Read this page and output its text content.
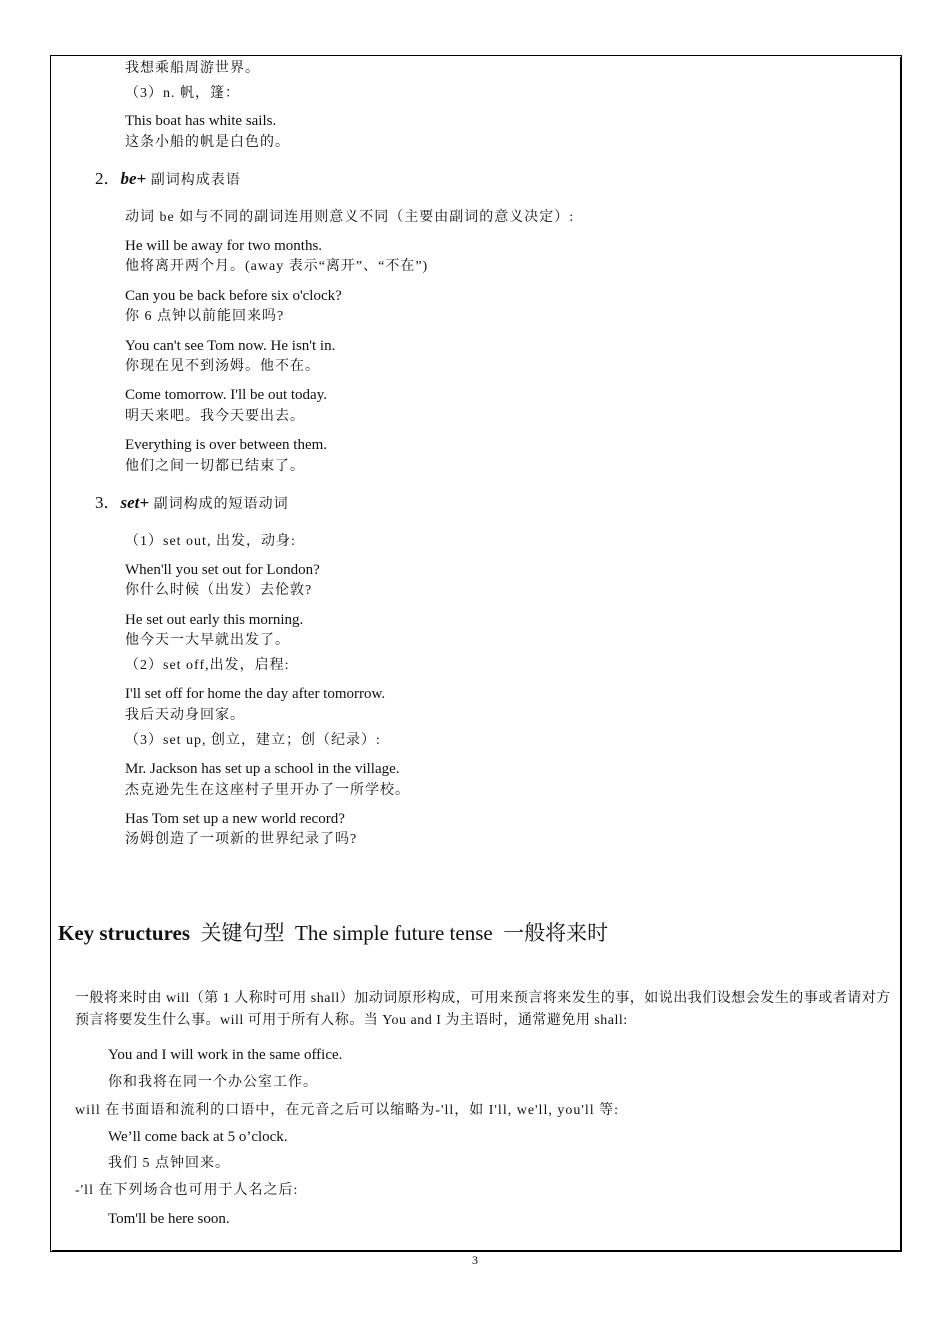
我想乘船周游世界。
（3）n. 帆，篷：
This boat has white sails.
这条小船的帆是白色的。
2．be+ 副词构成表语
动词 be 如与不同的副词连用则意义不同（主要由副词的意义决定）:
He will be away for two months.
他将离开两个月。(away 表示“离开”、“不在”)
Can you be back before six o'clock?
你 6 点钟以前能回来吗?
You can't see Tom now. He isn't in.
你现在见不到汤姆。他不在。
Come tomorrow. I'll be out today.
明天来吧。我今天要出去。
Everything is over between them.
他们之间一切都已结束了。
3．set+ 副词构成的短语动词
（1）set out, 出发，动身:
When'll you set out for London?
你什么时候（出发）去伦敦?
He set out early this morning.
他今天一大早就出发了。
（2）set off,出发，启程:
I'll set off for home the day after tomorrow.
我后天动身回家。
（3）set up, 创立，建立；创（纪录）:
Mr. Jackson has set up a school in the village.
杰克逊先生在这座村子里开办了一所学校。
Has Tom set up a new world record?
汤姆创造了一项新的世界纪录了吗?
Key structures 关键句型 The simple future tense 一般将来时
一般将来时由 will（第 1 人称时可用 shall）加动词原形构成，可用来预言将来发生的事，如说出我们设想会发生的事或者请对方预言将要发生什么事。will 可用于所有人称。当 You and I 为主语时，通常避免用 shall:
You and I will work in the same office.
你和我将在同一个办公室工作。
will 在书面语和流利的口语中，在元音之后可以缩略为-'ll，如 I'll, we'll, you'll 等:
We’ll come back at 5 o’clock.
我们 5 点钟回来。
-'ll 在下列场合也可用于人名之后:
Tom'll be here soon.
3
